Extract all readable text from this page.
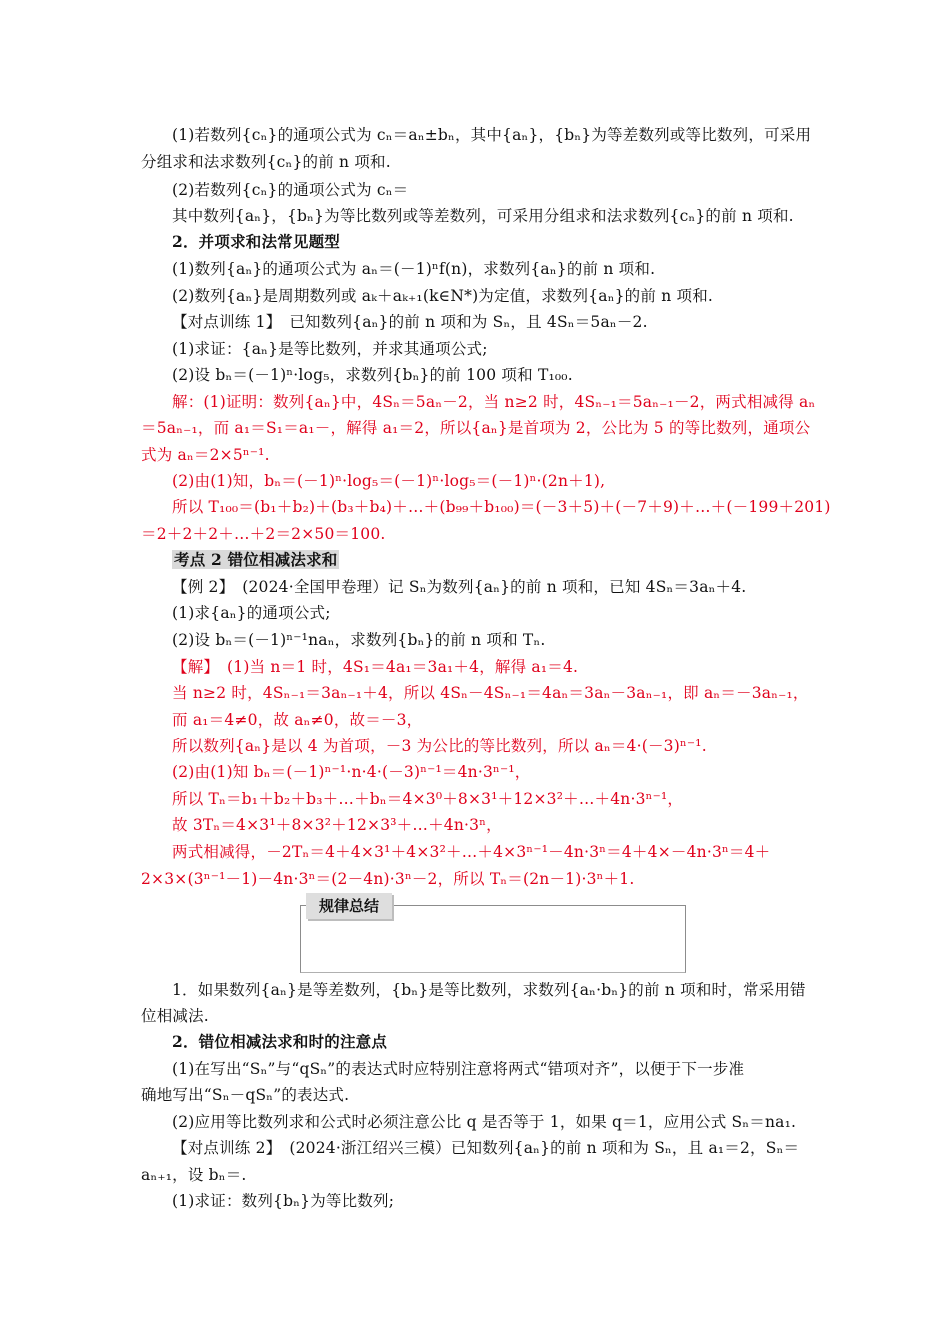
(1)若数列{cₙ}的通项公式为 cₙ＝aₙ±bₙ，其中{aₙ}，{bₙ}为等差数列或等比数列，可采用
分组求和法求数列{cₙ}的前 n 项和.
(2)若数列{cₙ}的通项公式为 cₙ＝
其中数列{aₙ}，{bₙ}为等比数列或等差数列，可采用分组求和法求数列{cₙ}的前 n 项和.
2．并项求和法常见题型
(1)数列{aₙ}的通项公式为 aₙ＝(－1)ⁿf(n)，求数列{aₙ}的前 n 项和.
(2)数列{aₙ}是周期数列或 aₖ＋aₖ₊₁(k∈N*)为定值，求数列{aₙ}的前 n 项和.
【对点训练 1】　已知数列{aₙ}的前 n 项和为 Sₙ，且 4Sₙ＝5aₙ－2.
(1)求证：{aₙ}是等比数列，并求其通项公式;
(2)设 bₙ＝(－1)ⁿ·log₅，求数列{bₙ}的前 100 项和 T₁₀₀.
解：(1)证明：数列{aₙ}中，4Sₙ＝5aₙ－2，当 n≥2 时，4Sₙ₋₁＝5aₙ₋₁－2，两式相减得 aₙ
＝5aₙ₋₁，而 a₁＝S₁＝a₁－，解得 a₁＝2，所以{aₙ}是首项为 2，公比为 5 的等比数列，通项公
式为 aₙ＝2×5ⁿ⁻¹.
(2)由(1)知，bₙ＝(－1)ⁿ·log₅＝(－1)ⁿ·log₅＝(－1)ⁿ·(2n＋1),
所以 T₁₀₀＝(b₁＋b₂)＋(b₃＋b₄)＋…＋(b₉₉＋b₁₀₀)＝(－3＋5)＋(－7＋9)＋…＋(－199＋201)
＝2＋2＋2＋…＋2＝2×50＝100.
考点 2 错位相减法求和
【例 2】　(2024·全国甲卷理）记 Sₙ为数列{aₙ}的前 n 项和，已知 4Sₙ＝3aₙ＋4.
(1)求{aₙ}的通项公式;
(2)设 bₙ＝(－1)ⁿ⁻¹naₙ，求数列{bₙ}的前 n 项和 Tₙ.
【解】　(1)当 n＝1 时，4S₁＝4a₁＝3a₁＋4，解得 a₁＝4.
当 n≥2 时，4Sₙ₋₁＝3aₙ₋₁＋4，所以 4Sₙ－4Sₙ₋₁＝4aₙ＝3aₙ－3aₙ₋₁，即 aₙ＝－3aₙ₋₁，
而 a₁＝4≠0，故 aₙ≠0，故＝－3，
所以数列{aₙ}是以 4 为首项，－3 为公比的等比数列，所以 aₙ＝4·(－3)ⁿ⁻¹.
(2)由(1)知 bₙ＝(－1)ⁿ⁻¹·n·4·(－3)ⁿ⁻¹＝4n·3ⁿ⁻¹，
所以 Tₙ＝b₁＋b₂＋b₃＋…＋bₙ＝4×3⁰＋8×3¹＋12×3²＋…＋4n·3ⁿ⁻¹，
故 3Tₙ＝4×3¹＋8×3²＋12×3³＋…＋4n·3ⁿ，
两式相减得，－2Tₙ＝4＋4×3¹＋4×3²＋…＋4×3ⁿ⁻¹－4n·3ⁿ＝4＋4×－4n·3ⁿ＝4＋
2×3×(3ⁿ⁻¹－1)－4n·3ⁿ＝(2－4n)·3ⁿ－2，所以 Tₙ＝(2n－1)·3ⁿ＋1.
规律总结
1．如果数列{aₙ}是等差数列，{bₙ}是等比数列，求数列{aₙ·bₙ}的前 n 项和时，常采用错
位相减法.
2．错位相减法求和时的注意点
(1)在写出“Sₙ”与“qSₙ”的表达式时应特别注意将两式“错项对齐”，以便于下一步准
确地写出“Sₙ－qSₙ”的表达式.
(2)应用等比数列求和公式时必须注意公比 q 是否等于 1，如果 q＝1，应用公式 Sₙ＝na₁.
【对点训练 2】　(2024·浙江绍兴三模）已知数列{aₙ}的前 n 项和为 Sₙ，且 a₁＝2，Sₙ＝
aₙ₊₁，设 bₙ＝.
(1)求证：数列{bₙ}为等比数列;
